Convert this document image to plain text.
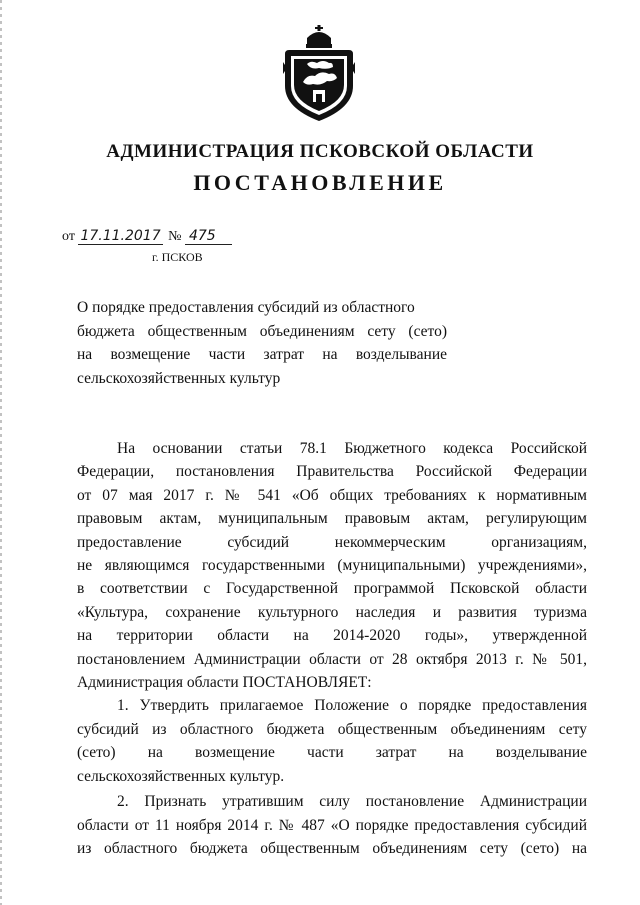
АДМИНИСТРАЦИЯ ПСКОВСКОЙ ОБЛАСТИ
ПОСТАНОВЛЕНИЕ
от 17.11.2017 № 475
г. ПСКОВ
О порядке предоставления субсидий из областного
бюджета общественным объединениям сету (сето)
на возмещение части затрат на возделывание
сельскохозяйственных культур
На основании статьи 78.1 Бюджетного кодекса Российской
Федерации, постановления Правительства Российской Федерации
от 07 мая 2017 г. № 541 «Об общих требованиях к нормативным
правовым актам, муниципальным правовым актам, регулирующим
предоставление субсидий некоммерческим организациям,
не являющимся государственными (муниципальными) учреждениями»,
в соответствии с Государственной программой Псковской области
«Культура, сохранение культурного наследия и развития туризма
на территории области на 2014-2020 годы», утвержденной
постановлением Администрации области от 28 октября 2013 г. № 501,
Администрация области ПОСТАНОВЛЯЕТ:
1. Утвердить прилагаемое Положение о порядке предоставления
субсидий из областного бюджета общественным объединениям сету
(сето) на возмещение части затрат на возделывание
сельскохозяйственных культур.
2. Признать утратившим силу постановление Администрации
области от 11 ноября 2014 г. № 487 «О порядке предоставления субсидий
из областного бюджета общественным объединениям сету (сето) на
